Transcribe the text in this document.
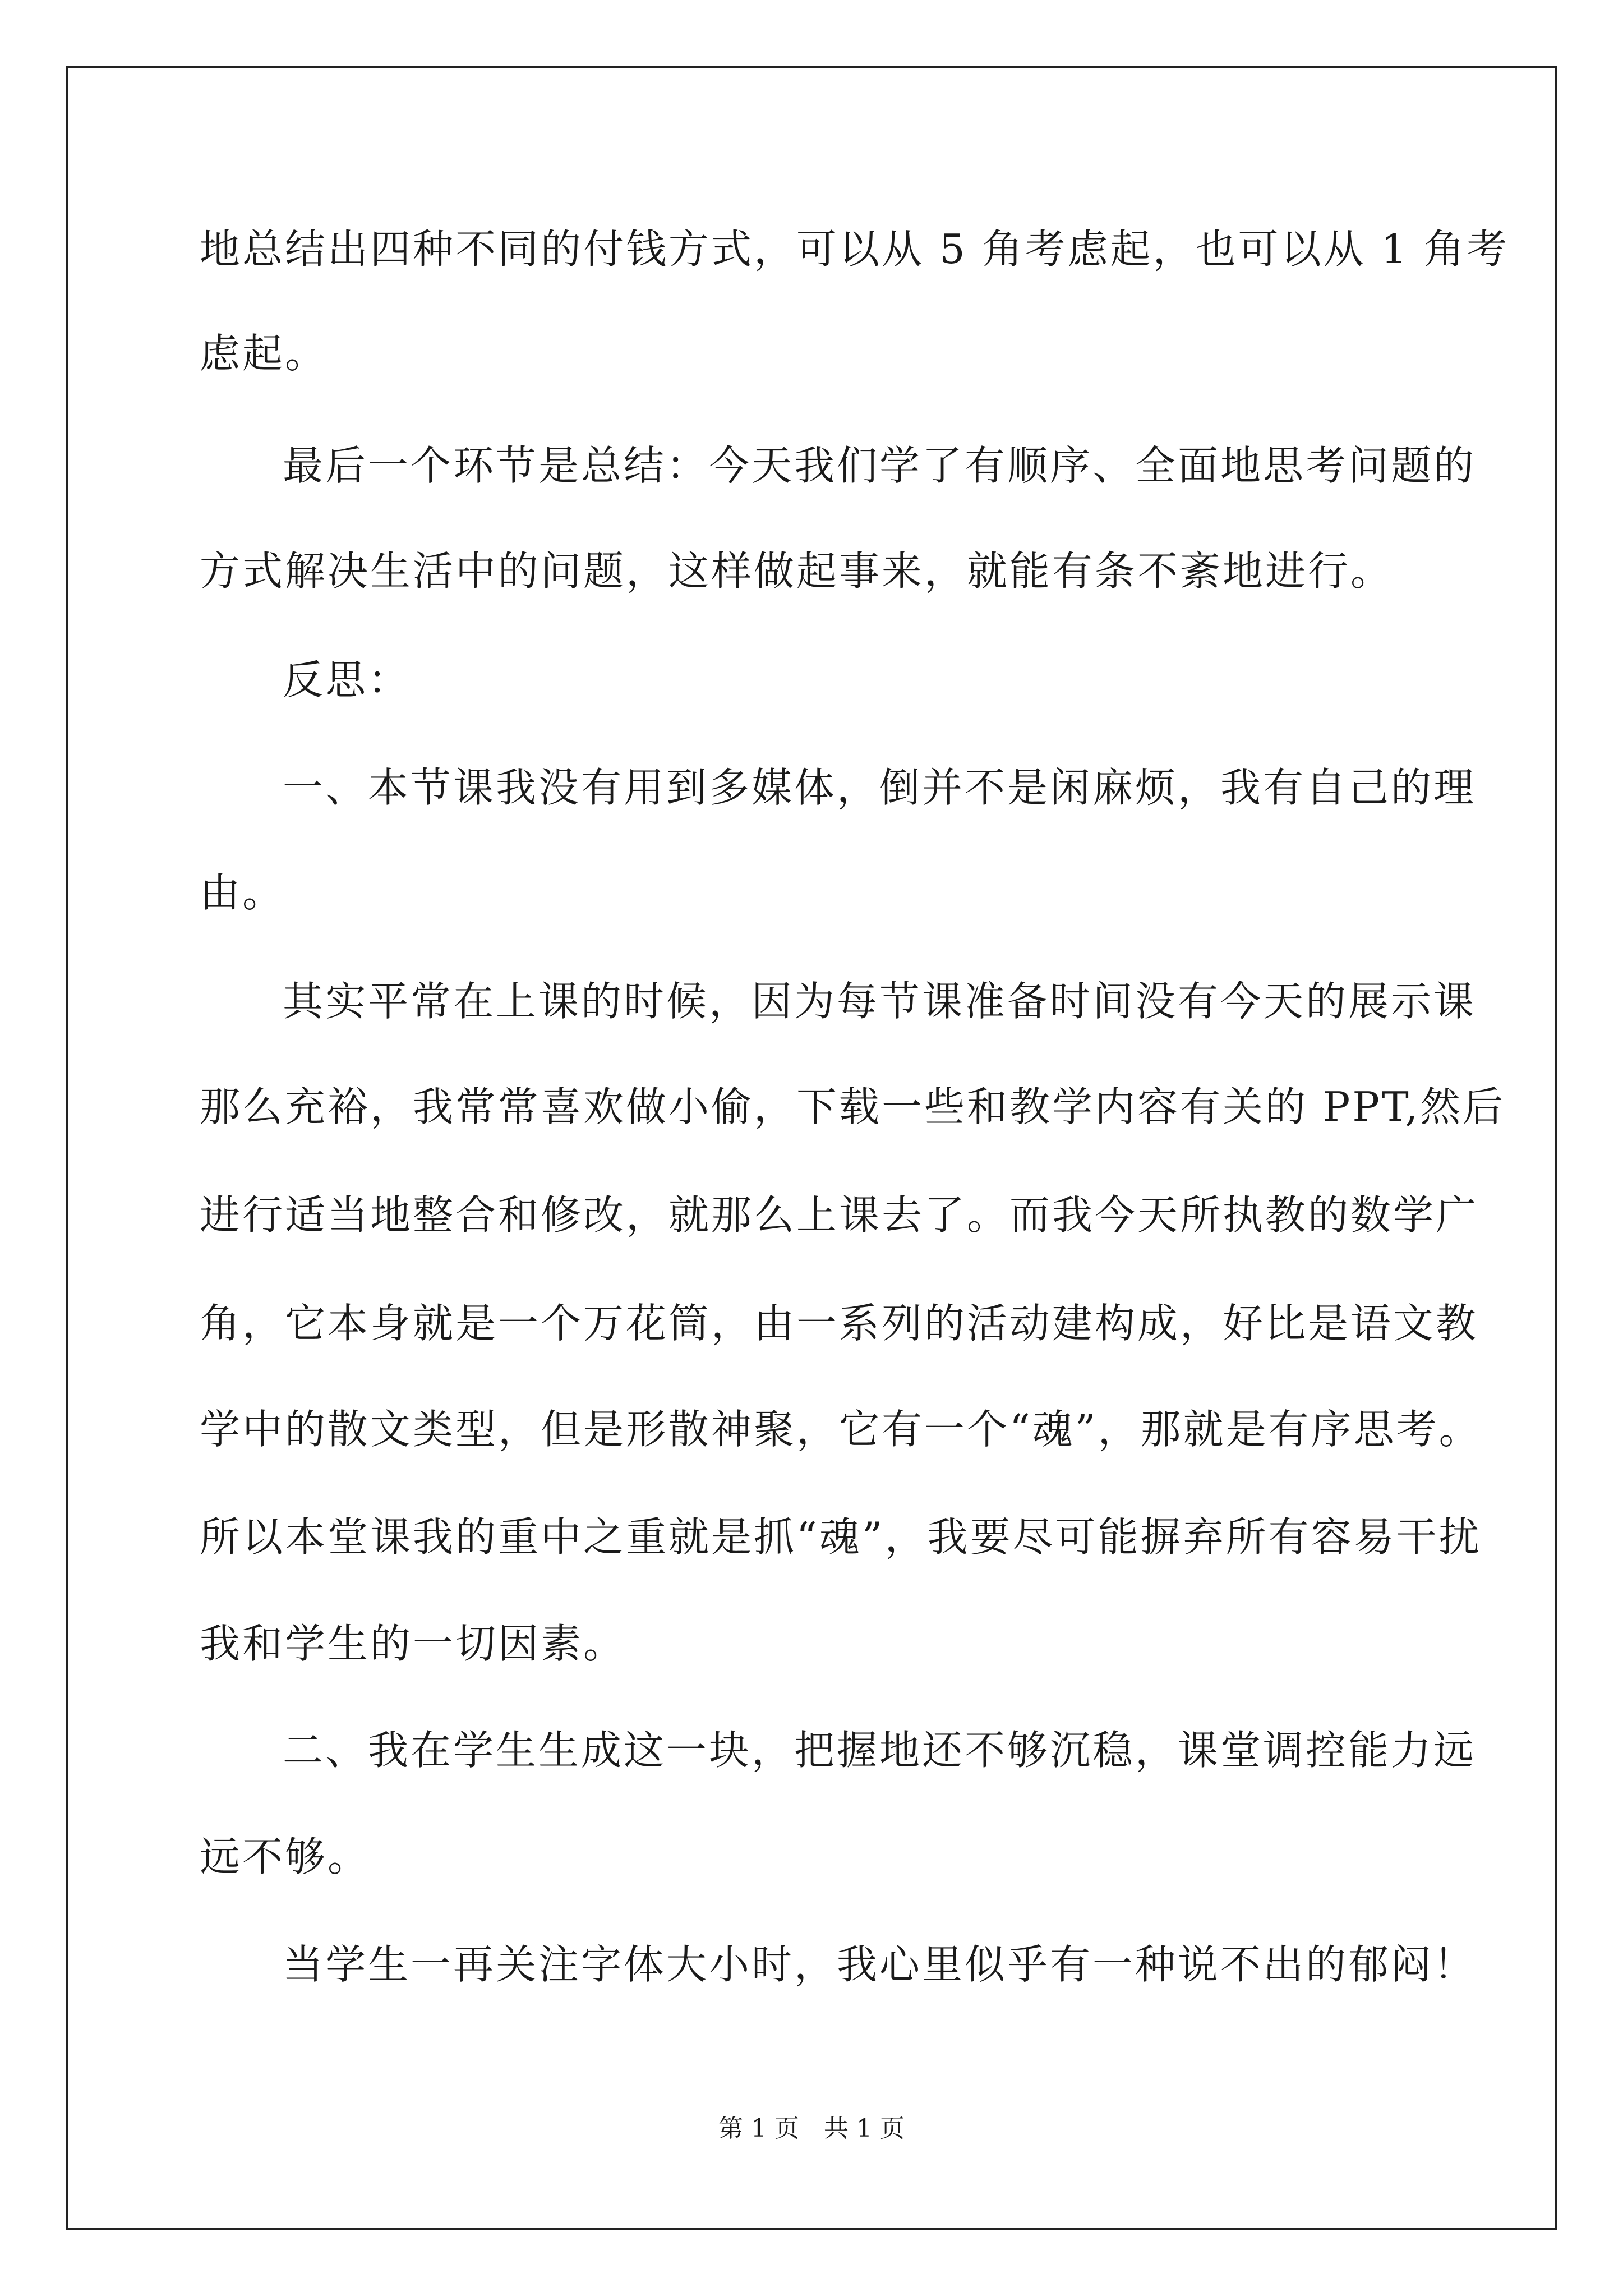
地总结出四种不同的付钱方式，可以从 5 角考虑起，也可以从 1 角考
虑起。
最后一个环节是总结：今天我们学了有顺序、全面地思考问题的
方式解决生活中的问题，这样做起事来，就能有条不紊地进行。
反思：
一、本节课我没有用到多媒体，倒并不是闲麻烦，我有自己的理
由。
其实平常在上课的时候，因为每节课准备时间没有今天的展示课
那么充裕，我常常喜欢做小偷，下载一些和教学内容有关的 PPT,然后
进行适当地整合和修改，就那么上课去了。而我今天所执教的数学广
角，它本身就是一个万花筒，由一系列的活动建构成，好比是语文教
学中的散文类型，但是形散神聚，它有一个“魂”，那就是有序思考。
所以本堂课我的重中之重就是抓“魂”，我要尽可能摒弃所有容易干扰
我和学生的一切因素。
二、我在学生生成这一块，把握地还不够沉稳，课堂调控能力远
远不够。
当学生一再关注字体大小时，我心里似乎有一种说不出的郁闷！
第 1 页　共 1 页
